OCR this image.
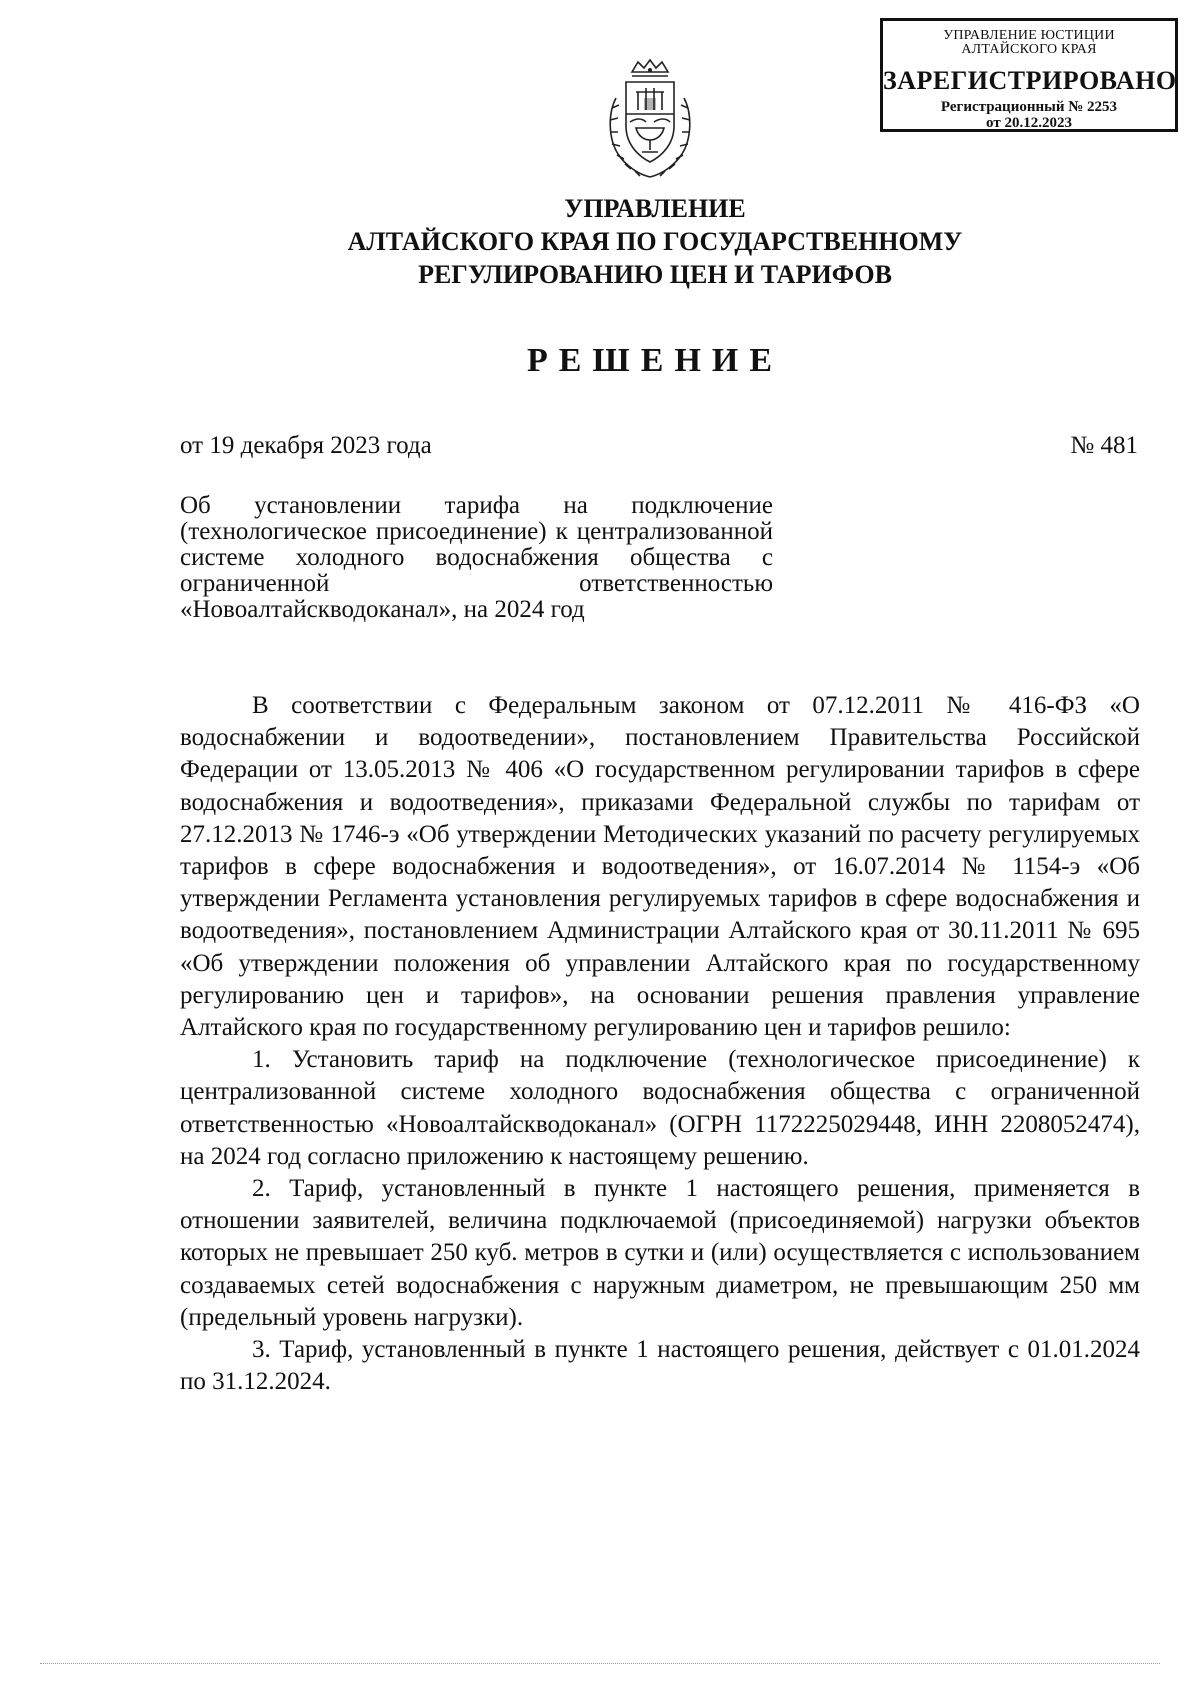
УПРАВЛЕНИЕ ЮСТИЦИИ
АЛТАЙСКОГО КРАЯ
ЗАРЕГИСТРИРОВАНО
Регистрационный № 2253
от 20.12.2023
УПРАВЛЕНИЕ
АЛТАЙСКОГО КРАЯ ПО ГОСУДАРСТВЕННОМУ
РЕГУЛИРОВАНИЮ ЦЕН И ТАРИФОВ
РЕШЕНИЕ
от 19 декабря 2023 года	№ 481
Об установлении тарифа на подключение (технологическое присоединение) к централизованной системе холодного водоснабжения общества с ограниченной ответственностью «Новоалтайскводоканал», на 2024 год

В соответствии с Федеральным законом от 07.12.2011 № 416-ФЗ «О водоснабжении и водоотведении», постановлением Правительства Российской Федерации от 13.05.2013 № 406 «О государственном регулировании тарифов в сфере водоснабжения и водоотведения», приказами Федеральной службы по тарифам от 27.12.2013 № 1746-э «Об утверждении Методических указаний по расчету регулируемых тарифов в сфере водоснабжения и водоотведения», от 16.07.2014 № 1154-э «Об утверждении Регламента установления регулируемых тарифов в сфере водоснабжения и водоотведения», постановлением Администрации Алтайского края от 30.11.2011 № 695 «Об утверждении положения об управлении Алтайского края по государственному регулированию цен и тарифов», на основании решения правления управление Алтайского края по государственному регулированию цен и тарифов решило:

1. Установить тариф на подключение (технологическое присоединение) к централизованной системе холодного водоснабжения общества с ограниченной ответственностью «Новоалтайскводоканал» (ОГРН 1172225029448, ИНН 2208052474), на 2024 год согласно приложению к настоящему решению.

2. Тариф, установленный в пункте 1 настоящего решения, применяется в отношении заявителей, величина подключаемой (присоединяемой) нагрузки объектов которых не превышает 250 куб. метров в сутки и (или) осуществляется с использованием создаваемых сетей водоснабжения с наружным диаметром, не превышающим 250 мм (предельный уровень нагрузки).

3. Тариф, установленный в пункте 1 настоящего решения, действует с 01.01.2024 по 31.12.2024.
